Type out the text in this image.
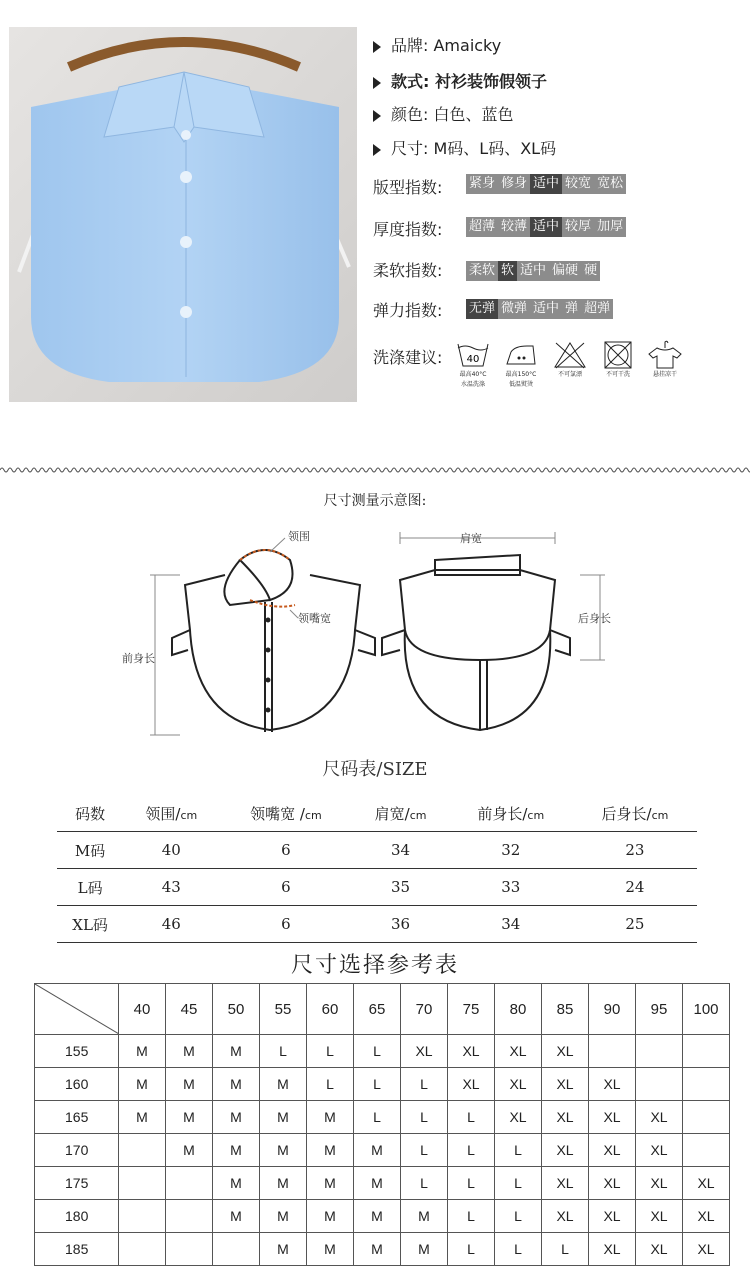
品牌: Amaicky
款式: 衬衫装饰假领子
颜色: 白色、蓝色
尺寸: M码、L码、XL码
版型指数: 紧身 修身 适中 较宽 宽松
厚度指数: 超薄 较薄 适中 较厚 加厚
柔软指数: 柔软 软 适中 偏硬 硬
弹力指数: 无弹 微弹 适中 弹 超弹
洗涤建议: 40
最高40°C
水温洗涤
最高150°C
低温熨烫
不可氯漂	不可干洗	悬挂凉干
尺寸测量示意图:
领围
领嘴宽
肩宽
前身长
后身长
尺码表/SIZE
码数	领围/cm	领嘴宽 /cm	肩宽/cm	前身长/cm	后身长/cm
M码	40	6	34	32	23
L码	43	6	35	33	24
XL码	46	6	36	34	25
尺寸选择参考表
	40	45	50	55	60	65	70	75	80	85	90	95	100
155	M	M	M	L	L	L	XL	XL	XL	XL			
160	M	M	M	M	L	L	L	XL	XL	XL	XL		
165	M	M	M	M	M	L	L	L	XL	XL	XL	XL	
170		M	M	M	M	M	L	L	L	XL	XL	XL	
175			M	M	M	M	L	L	L	XL	XL	XL	XL
180			M	M	M	M	M	L	L	XL	XL	XL	XL
185				M	M	M	M	L	L	L	XL	XL	XL
